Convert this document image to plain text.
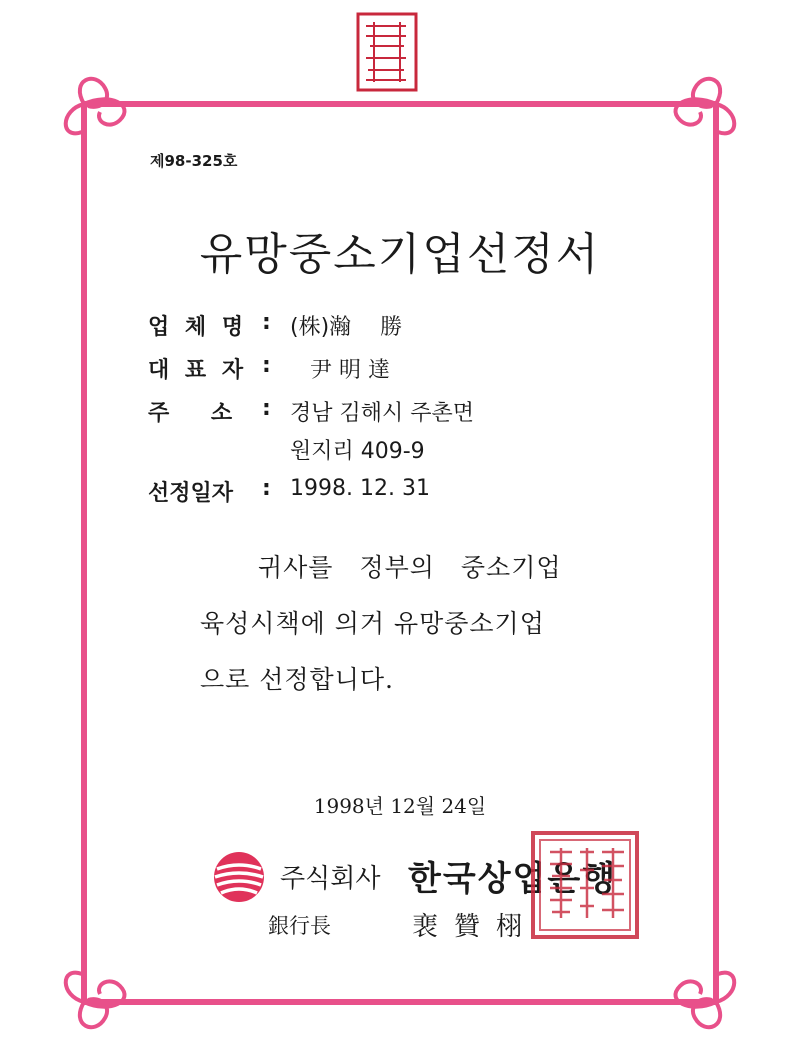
제98-325호
유망중소기업선정서
업 체 명 : (株)瀚　 勝
대 표 자 : 尹 明 達
주　 소 : 경남 김해시 주촌면
원지리 409-9
선정일자 : 1998. 12. 31
귀사를　정부의　중소기업
육성시책에 의거 유망중소기업
으로 선정합니다.
1998년 12월 24일
주식회사 한국상업은행
銀行長	裵贊栩
